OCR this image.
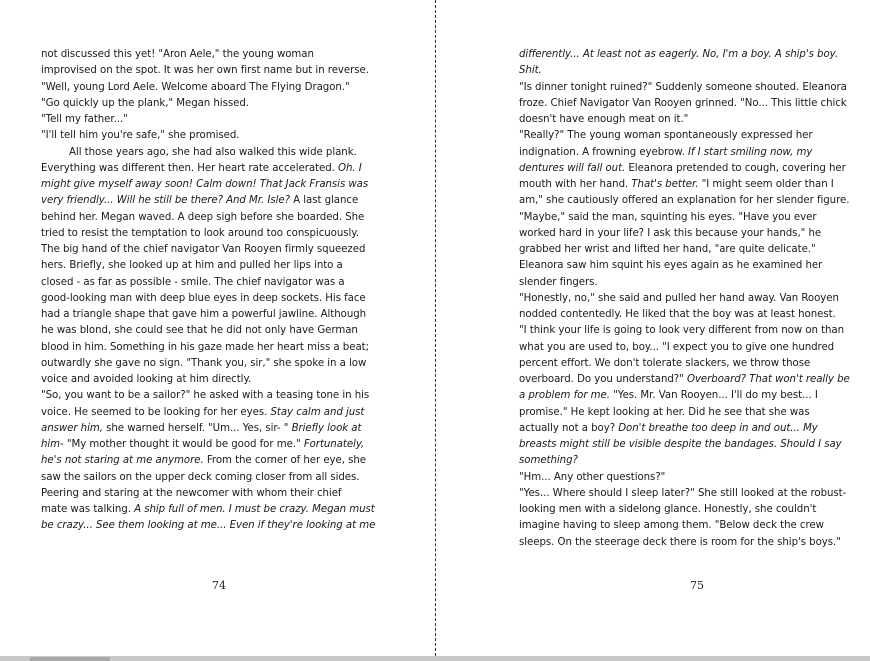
not discussed this yet! "Aron Aele," the young woman
improvised on the spot. It was her own first name but in reverse.
"Well, young Lord Aele. Welcome aboard The Flying Dragon."
"Go quickly up the plank," Megan hissed.
"Tell my father..."
"I'll tell him you're safe," she promised.
All those years ago, she had also walked this wide plank.
Everything was different then. Her heart rate accelerated. Oh. I
might give myself away soon! Calm down! That Jack Fransis was
very friendly... Will he still be there? And Mr. Isle? A last glance
behind her. Megan waved. A deep sigh before she boarded. She
tried to resist the temptation to look around too conspicuously.
The big hand of the chief navigator Van Rooyen firmly squeezed
hers. Briefly, she looked up at him and pulled her lips into a
closed - as far as possible - smile. The chief navigator was a
good-looking man with deep blue eyes in deep sockets. His face
had a triangle shape that gave him a powerful jawline. Although
he was blond, she could see that he did not only have German
blood in him. Something in his gaze made her heart miss a beat;
outwardly she gave no sign. "Thank you, sir," she spoke in a low
voice and avoided looking at him directly.
"So, you want to be a sailor?" he asked with a teasing tone in his
voice. He seemed to be looking for her eyes. Stay calm and just
answer him, she warned herself. "Um... Yes, sir- " Briefly look at
him- "My mother thought it would be good for me." Fortunately,
he's not staring at me anymore. From the corner of her eye, she
saw the sailors on the upper deck coming closer from all sides.
Peering and staring at the newcomer with whom their chief
mate was talking. A ship full of men. I must be crazy. Megan must
be crazy... See them looking at me... Even if they're looking at me
74
differently... At least not as eagerly. No, I'm a boy. A ship's boy.
Shit.
"Is dinner tonight ruined?" Suddenly someone shouted. Eleanora
froze. Chief Navigator Van Rooyen grinned. "No... This little chick
doesn't have enough meat on it."
"Really?" The young woman spontaneously expressed her
indignation. A frowning eyebrow. If I start smiling now, my
dentures will fall out. Eleanora pretended to cough, covering her
mouth with her hand. That's better. "I might seem older than I
am," she cautiously offered an explanation for her slender figure.
"Maybe," said the man, squinting his eyes. "Have you ever
worked hard in your life? I ask this because your hands," he
grabbed her wrist and lifted her hand, "are quite delicate."
Eleanora saw him squint his eyes again as he examined her
slender fingers.
"Honestly, no," she said and pulled her hand away. Van Rooyen
nodded contentedly. He liked that the boy was at least honest.
"I think your life is going to look very different from now on than
what you are used to, boy... "I expect you to give one hundred
percent effort. We don't tolerate slackers, we throw those
overboard. Do you understand?" Overboard? That won't really be
a problem for me. "Yes. Mr. Van Rooyen... I'll do my best... I
promise." He kept looking at her. Did he see that she was
actually not a boy? Don't breathe too deep in and out... My
breasts might still be visible despite the bandages. Should I say
something?
"Hm... Any other questions?"
"Yes... Where should I sleep later?" She still looked at the robust-
looking men with a sidelong glance. Honestly, she couldn't
imagine having to sleep among them. "Below deck the crew
sleeps. On the steerage deck there is room for the ship's boys."
75
